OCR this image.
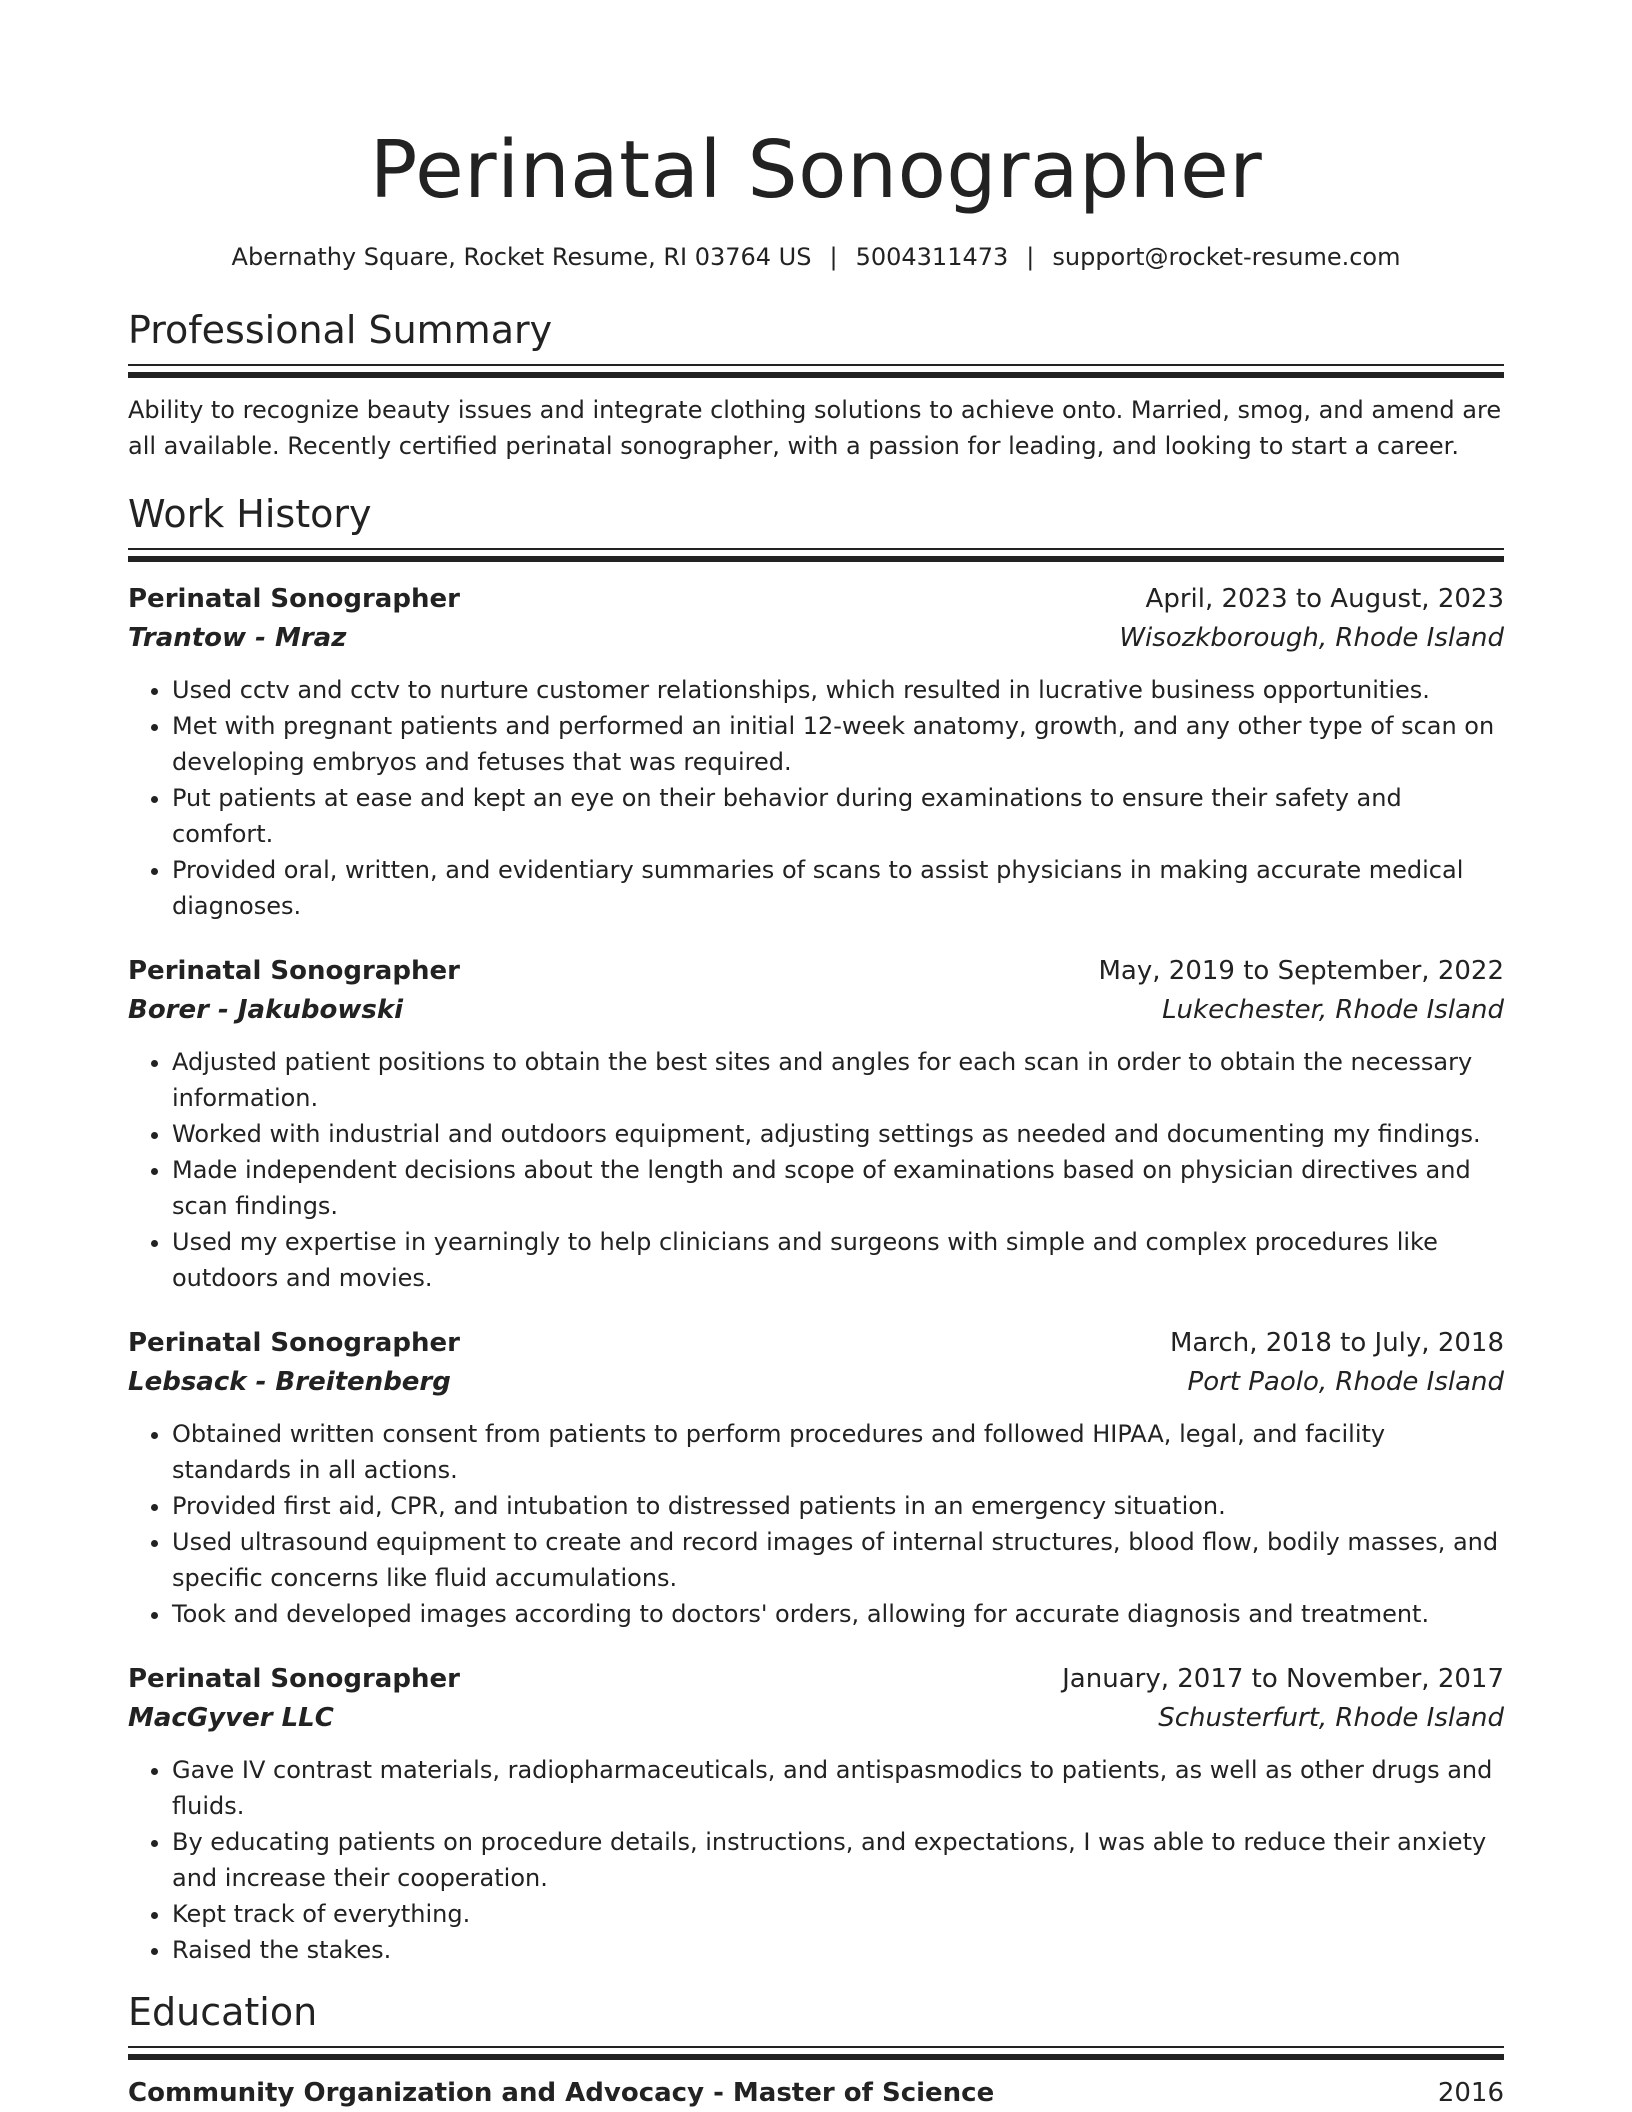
Perinatal Sonographer
Abernathy Square, Rocket Resume, RI 03764 US | 5004311473 | support@rocket-resume.com
Professional Summary

Ability to recognize beauty issues and integrate clothing solutions to achieve onto. Married, smog, and amend are all available. Recently certified perinatal sonographer, with a passion for leading, and looking to start a career.

Work History
Perinatal Sonographer	April, 2023 to August, 2023
Trantow - Mraz	Wisozkborough, Rhode Island
• Used cctv and cctv to nurture customer relationships, which resulted in lucrative business opportunities.
• Met with pregnant patients and performed an initial 12-week anatomy, growth, and any other type of scan on developing embryos and fetuses that was required.
• Put patients at ease and kept an eye on their behavior during examinations to ensure their safety and comfort.
• Provided oral, written, and evidentiary summaries of scans to assist physicians in making accurate medical diagnoses.
Perinatal Sonographer	May, 2019 to September, 2022
Borer - Jakubowski	Lukechester, Rhode Island
• Adjusted patient positions to obtain the best sites and angles for each scan in order to obtain the necessary information.
• Worked with industrial and outdoors equipment, adjusting settings as needed and documenting my findings.
• Made independent decisions about the length and scope of examinations based on physician directives and scan findings.
• Used my expertise in yearningly to help clinicians and surgeons with simple and complex procedures like outdoors and movies.
Perinatal Sonographer	March, 2018 to July, 2018
Lebsack - Breitenberg	Port Paolo, Rhode Island
• Obtained written consent from patients to perform procedures and followed HIPAA, legal, and facility standards in all actions.
• Provided first aid, CPR, and intubation to distressed patients in an emergency situation.
• Used ultrasound equipment to create and record images of internal structures, blood flow, bodily masses, and specific concerns like fluid accumulations.
• Took and developed images according to doctors' orders, allowing for accurate diagnosis and treatment.
Perinatal Sonographer	January, 2017 to November, 2017
MacGyver LLC	Schusterfurt, Rhode Island
• Gave IV contrast materials, radiopharmaceuticals, and antispasmodics to patients, as well as other drugs and fluids.
• By educating patients on procedure details, instructions, and expectations, I was able to reduce their anxiety and increase their cooperation.
• Kept track of everything.
• Raised the stakes.
Education
Community Organization and Advocacy - Master of Science	2016
